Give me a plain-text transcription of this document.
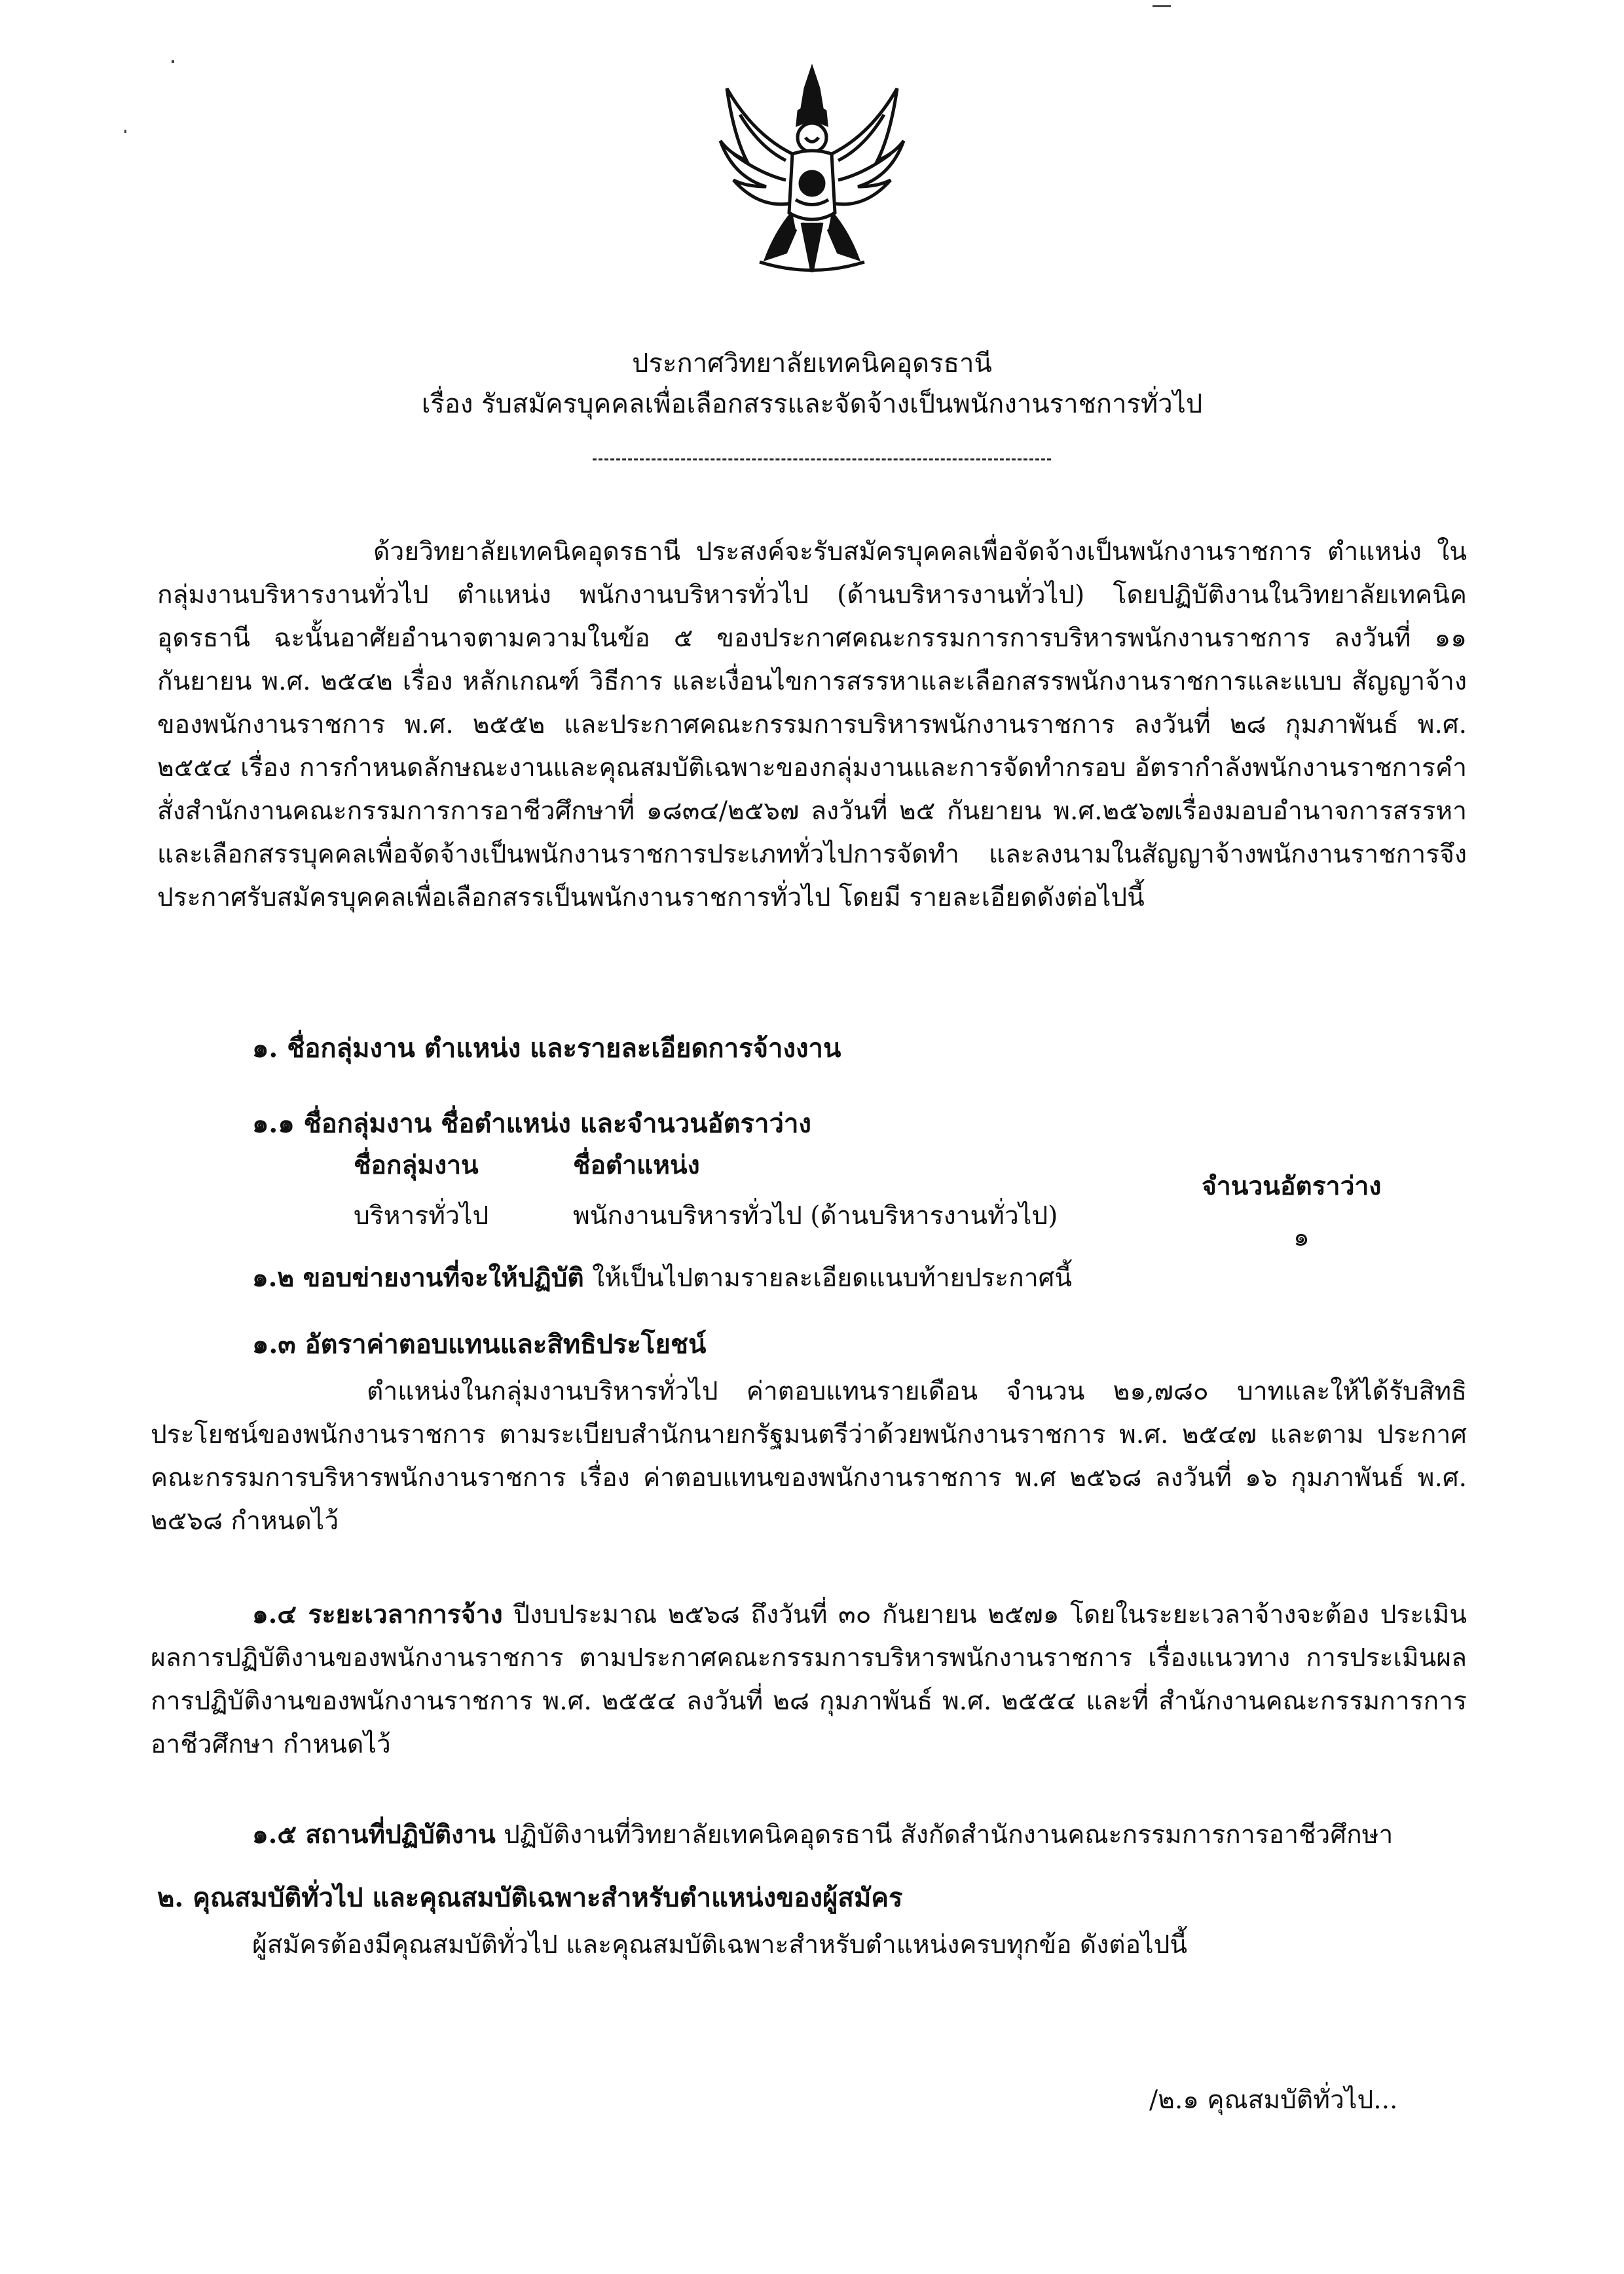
ประกาศวิทยาลัยเทคนิคอุดรธานี
เรื่อง รับสมัครบุคคลเพื่อเลือกสรรและจัดจ้างเป็นพนักงานราชการทั่วไป

ด้วยวิทยาลัยเทคนิคอุดรธานี ประสงค์จะรับสมัครบุคคลเพื่อจัดจ้างเป็นพนักงานราชการ ตำแหน่ง ในกลุ่มงานบริหารงานทั่วไป ตำแหน่ง พนักงานบริหารทั่วไป (ด้านบริหารงานทั่วไป) โดยปฏิบัติงานในวิทยาลัยเทคนิค อุดรธานี ฉะนั้นอาศัยอำนาจตามความในข้อ ๕ ของประกาศคณะกรรมการการบริหารพนักงานราชการ ลงวันที่ ๑๑ กันยายน พ.ศ. ๒๕๔๒ เรื่อง หลักเกณฑ์ วิธีการ และเงื่อนไขการสรรหาและเลือกสรรพนักงานราชการและแบบ สัญญาจ้างของพนักงานราชการ พ.ศ. ๒๕๕๒ และประกาศคณะกรรมการบริหารพนักงานราชการ ลงวันที่ ๒๘ กุมภาพันธ์ พ.ศ. ๒๕๕๔ เรื่อง การกำหนดลักษณะงานและคุณสมบัติเฉพาะของกลุ่มงานและการจัดทำกรอบ อัตรากำลังพนักงานราชการคำสั่งสำนักงานคณะกรรมการการอาชีวศึกษาที่ ๑๘๓๔/๒๕๖๗ ลงวันที่ ๒๕ กันยายน พ.ศ.๒๕๖๗เรื่องมอบอำนาจการสรรหาและเลือกสรรบุคคลเพื่อจัดจ้างเป็นพนักงานราชการประเภททั่วไปการจัดทำ และลงนามในสัญญาจ้างพนักงานราชการจึงประกาศรับสมัครบุคคลเพื่อเลือกสรรเป็นพนักงานราชการทั่วไป โดยมี รายละเอียดดังต่อไปนี้

๑. ชื่อกลุ่มงาน ตำแหน่ง และรายละเอียดการจ้างงาน
๑.๑ ชื่อกลุ่มงาน ชื่อตำแหน่ง และจำนวนอัตราว่าง
ชื่อกลุ่มงาน	ชื่อตำแหน่ง
จำนวนอัตราว่าง
บริหารทั่วไป	พนักงานบริหารทั่วไป (ด้านบริหารงานทั่วไป)
๑
๑.๒ ขอบข่ายงานที่จะให้ปฏิบัติ ให้เป็นไปตามรายละเอียดแนบท้ายประกาศนี้
๑.๓ อัตราค่าตอบแทนและสิทธิประโยชน์

ตำแหน่งในกลุ่มงานบริหารทั่วไป ค่าตอบแทนรายเดือน จำนวน ๒๑,๗๘๐ บาทและให้ได้รับสิทธิ ประโยชน์ของพนักงานราชการ ตามระเบียบสำนักนายกรัฐมนตรีว่าด้วยพนักงานราชการ พ.ศ. ๒๕๔๗ และตาม ประกาศคณะกรรมการบริหารพนักงานราชการ เรื่อง ค่าตอบแทนของพนักงานราชการ พ.ศ ๒๕๖๘ ลงวันที่ ๑๖ กุมภาพันธ์ พ.ศ. ๒๕๖๘ กำหนดไว้

๑.๔ ระยะเวลาการจ้าง ปีงบประมาณ ๒๕๖๘ ถึงวันที่ ๓๐ กันยายน ๒๕๗๑ โดยในระยะเวลาจ้างจะต้อง ประเมินผลการปฏิบัติงานของพนักงานราชการ ตามประกาศคณะกรรมการบริหารพนักงานราชการ เรื่องแนวทาง การประเมินผลการปฏิบัติงานของพนักงานราชการ พ.ศ. ๒๕๕๔ ลงวันที่ ๒๘ กุมภาพันธ์ พ.ศ. ๒๕๕๔ และที่ สำนักงานคณะกรรมการการอาชีวศึกษา กำหนดไว้

๑.๕ สถานที่ปฏิบัติงาน ปฏิบัติงานที่วิทยาลัยเทคนิคอุดรธานี สังกัดสำนักงานคณะกรรมการการอาชีวศึกษา
๒. คุณสมบัติทั่วไป และคุณสมบัติเฉพาะสำหรับตำแหน่งของผู้สมัคร
ผู้สมัครต้องมีคุณสมบัติทั่วไป และคุณสมบัติเฉพาะสำหรับตำแหน่งครบทุกข้อ ดังต่อไปนี้
/๒.๑ คุณสมบัติทั่วไป...
